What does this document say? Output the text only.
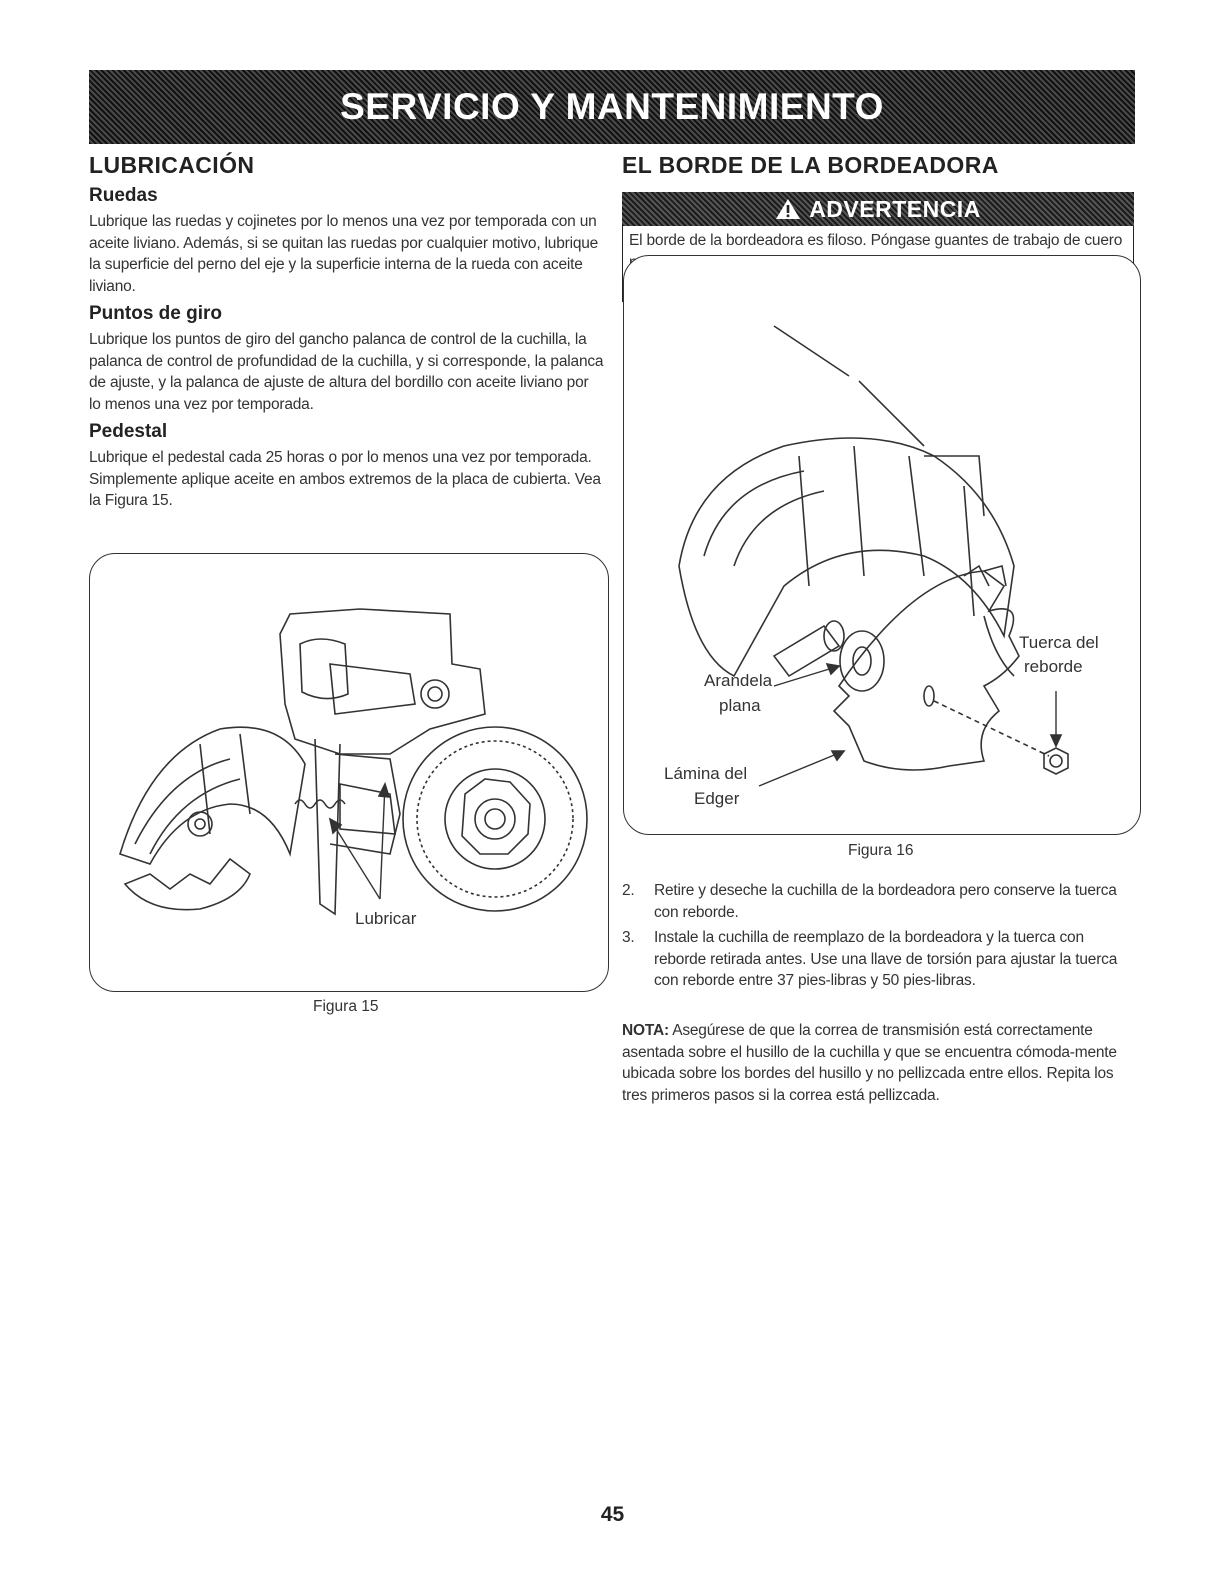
SERVICIO Y MANTENIMIENTO
LUBRICACIÓN
Ruedas

Lubrique las ruedas y cojinetes por lo menos una vez por temporada con un aceite liviano. Además, si se quitan las ruedas por cualquier motivo, lubrique la superficie del perno del eje y la superficie interna de la rueda con aceite liviano.

Puntos de giro

Lubrique los puntos de giro del gancho palanca de control de la cuchilla, la palanca de control de profundidad de la cuchilla, y si corresponde, la palanca de ajuste, y la palanca de ajuste de altura del bordillo con aceite liviano por lo menos una vez por temporada.

Pedestal

Lubrique el pedestal cada 25 horas o por lo menos una vez por temporada. Simplemente aplique aceite en ambos extremos de la placa de cubierta. Vea la Figura 15.

Lubricar
Figura 15
EL BORDE DE LA BORDEADORA
ADVERTENCIA

El borde de la bordeadora es filoso. Póngase guantes de trabajo de cuero

Arandela
plana
Lámina del
Edger
Tuerca del
reborde
Figura 16
2.	Retire y deseche la cuchilla de la bordeadora pero conserve la tuerca con reborde.
3.	Instale la cuchilla de reemplazo de la bordeadora y la tuerca con reborde retirada antes. Use una llave de torsión para ajustar la tuerca con reborde entre 37 pies-libras y 50 pies-libras.

NOTA: Asegúrese de que la correa de transmisión está correctamente asentada sobre el husillo de la cuchilla y que se encuentra cómoda-mente ubicada sobre los bordes del husillo y no pellizcada entre ellos. Repita los tres primeros pasos si la correa está pellizcada.

45
